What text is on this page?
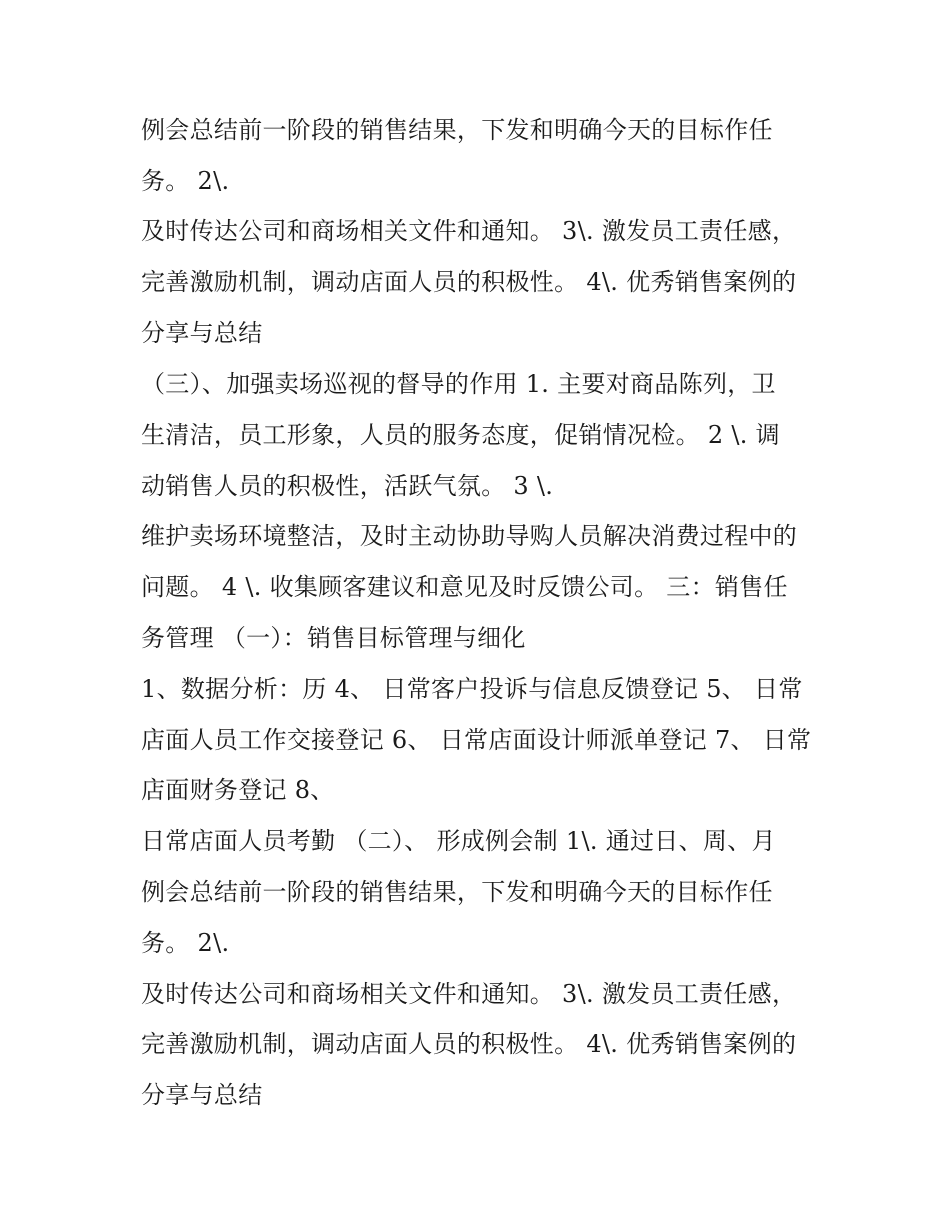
例会总结前一阶段的销售结果，下发和明确今天的目标作任
务。 2\.
及时传达公司和商场相关文件和通知。 3\. 激发员工责任感，
完善激励机制，调动店面人员的积极性。 4\. 优秀销售案例的
分享与总结
（三）、加强卖场巡视的督导的作用 1. 主要对商品陈列，卫
生清洁，员工形象，人员的服务态度，促销情况检。 2 \. 调
动销售人员的积极性，活跃气氛。 3 \.
维护卖场环境整洁，及时主动协助导购人员解决消费过程中的
问题。 4 \. 收集顾客建议和意见及时反馈公司。 三：销售任
务管理 （一）：销售目标管理与细化
1、数据分析：历 4、 日常客户投诉与信息反馈登记 5、 日常
店面人员工作交接登记 6、 日常店面设计师派单登记 7、 日常
店面财务登记 8、
日常店面人员考勤 （二）、 形成例会制 1\. 通过日、周、月
例会总结前一阶段的销售结果，下发和明确今天的目标作任
务。 2\.
及时传达公司和商场相关文件和通知。 3\. 激发员工责任感，
完善激励机制，调动店面人员的积极性。 4\. 优秀销售案例的
分享与总结
